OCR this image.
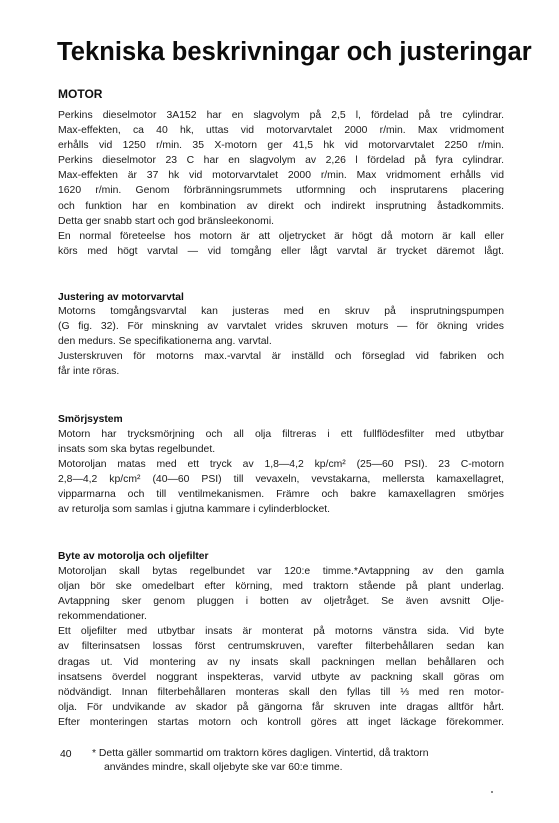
Tekniska beskrivningar och justeringar
MOTOR
Perkins dieselmotor 3A152 har en slagvolym på 2,5 l, fördelad på tre cylindrar.
Max-effekten, ca 40 hk, uttas vid motorvarvtalet 2000 r/min. Max vridmoment
erhålls vid 1250 r/min. 35 X-motorn ger 41,5 hk vid motorvarvtalet 2250 r/min.
Perkins dieselmotor 23 C har en slagvolym av 2,26 l fördelad på fyra cylindrar.
Max-effekten är 37 hk vid motorvarvtalet 2000 r/min. Max vridmoment erhålls vid
1620 r/min. Genom förbränningsrummets utformning och insprutarens placering
och funktion har en kombination av direkt och indirekt insprutning åstadkommits.
Detta ger snabb start och god bränsleekonomi.
En normal företeelse hos motorn är att oljetrycket är högt då motorn är kall eller
körs med högt varvtal — vid tomgång eller lågt varvtal är trycket däremot lågt.
Justering av motorvarvtal
Motorns tomgångsvarvtal kan justeras med en skruv på insprutningspumpen
(G fig. 32). För minskning av varvtalet vrides skruven moturs — för ökning vrides
den medurs. Se specifikationerna ang. varvtal.
Justerskruven för motorns max.-varvtal är inställd och förseglad vid fabriken och
får inte röras.
Smörjsystem
Motorn har trycksmörjning och all olja filtreras i ett fullflödesfilter med utbytbar
insats som ska bytas regelbundet.
Motoroljan matas med ett tryck av 1,8—4,2 kp/cm² (25—60 PSI). 23 C-motorn
2,8—4,2 kp/cm² (40—60 PSI) till vevaxeln, vevstakarna, mellersta kamaxellagret,
vipparmarna och till ventilmekanismen. Främre och bakre kamaxellagren smörjes
av returolja som samlas i gjutna kammare i cylinderblocket.
Byte av motorolja och oljefilter
Motoroljan skall bytas regelbundet var 120:e timme.*Avtappning av den gamla
oljan bör ske omedelbart efter körning, med traktorn stående på plant underlag.
Avtappning sker genom pluggen i botten av oljetråget. Se även avsnitt Olje-
rekommendationer.
Ett oljefilter med utbytbar insats är monterat på motorns vänstra sida. Vid byte
av filterinsatsen lossas först centrumskruven, varefter filterbehållaren sedan kan
dragas ut. Vid montering av ny insats skall packningen mellan behållaren och
insatsens överdel noggrant inspekteras, varvid utbyte av packning skall göras om
nödvändigt. Innan filterbehållaren monteras skall den fyllas till ⅓ med ren motor-
olja. För undvikande av skador på gängorna får skruven inte dragas alltför hårt.
Efter monteringen startas motorn och kontroll göres att inget läckage förekommer.

40 * Detta gäller sommartid om traktorn köres dagligen. Vintertid, då traktorn
användes mindre, skall oljebyte ske var 60:e timme.
